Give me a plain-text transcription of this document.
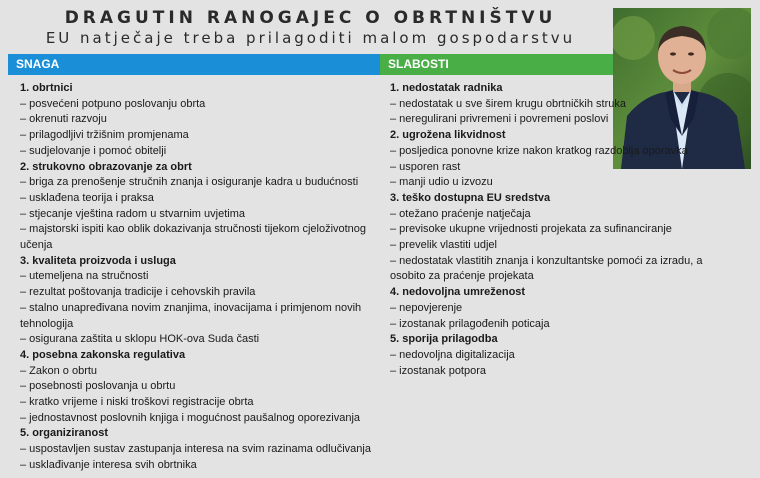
DRAGUTIN RANOGAJEC O OBRTNIŠTVU
EU natječaje treba prilagoditi malom gospodarstvu
SNAGA	SLABOSTI
1. obrtnici
– posvećeni potpuno poslovanju obrta
– okrenuti razvoju
– prilagodljivi tržišnim promjenama
– sudjelovanje i pomoć obitelji
2. strukovno obrazovanje za obrt
– briga za prenošenje stručnih znanja i osiguranje kadra u budućnosti
– usklađena teorija i praksa
– stjecanje vještina radom u stvarnim uvjetima
– majstorski ispiti kao oblik dokazivanja stručnosti tijekom cjeloživotnog učenja
3. kvaliteta proizvoda i usluga
– utemeljena na stručnosti
– rezultat poštovanja tradicije i cehovskih pravila
– stalno unapređivana novim znanjima, inovacijama i primjenom novih tehnologija
– osigurana zaštita u sklopu HOK-ova Suda časti
4. posebna zakonska regulativa
– Zakon o obrtu
– posebnosti poslovanja u obrtu
– kratko vrijeme i niski troškovi registracije obrta
– jednostavnost poslovnih knjiga i mogućnost paušalnog oporezivanja
5. organiziranost
– uspostavljen sustav zastupanja interesa na svim razinama odlučivanja
– usklađivanje interesa svih obrtnika
1. nedostatak radnika
– nedostatak u sve širem krugu obrtničkih struka
– neregulirani privremeni i povremeni poslovi
2. ugrožena likvidnost
– posljedica ponovne krize nakon kratkog razdoblja oporavka
– usporen rast
– manji udio u izvozu
3. teško dostupna EU sredstva
– otežano praćenje natječaja
– previsoke ukupne vrijednosti projekata za sufinanciranje
– prevelik vlastiti udjel
– nedostatak vlastitih znanja i konzultantske pomoći za izradu, a osobito za praćenje projekata
4. nedovoljna umreženost
– nepovjerenje
– izostanak prilagođenih poticaja
5. sporija prilagodba
– nedovoljna digitalizacija
– izostanak potpora
